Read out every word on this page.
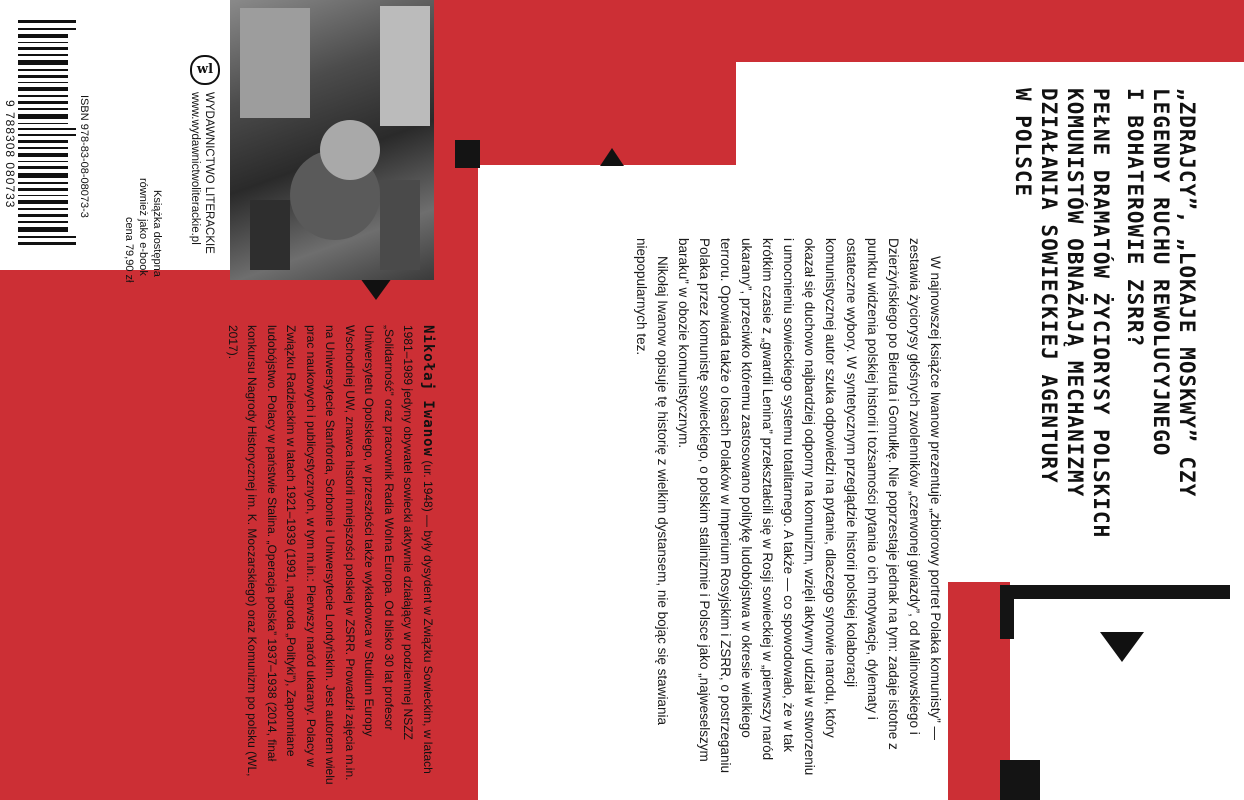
ISBN 978-83-08-08073-3
9 788308 080733
wl
WYDAWNICTWO LITERACKIE
www.wydawnictwoliterackie.pl
Książka dostępna
również jako e-book
cena 79,90 zł	„ZDRAJCY”, „LOKAJE MOSKWY” CZY
LEGENDY RUCHU REWOLUCYJNEGO
I BOHATEROWIE ZSRR?
PEŁNE DRAMATÓW ŻYCIORYSY POLSKICH
KOMUNISTÓW OBNAŻAJĄ MECHANIZMY
DZIAŁANIA SOWIECKIEJ AGENTURY
W POLSCE

W najnowszej książce Iwanow prezentuje „zbiorowy portret Polaka komunisty” — zestawia życiorysy głośnych zwolenników „czerwonej gwiazdy”, od Malinowskiego i Dzierżyńskiego po Bieruta i Gomułkę. Nie poprzestaje jednak na tym: zadaje istotne z punktu widzenia polskiej historii i tożsamości pytania o ich motywacje, dylematy i ostateczne wybory. W syntetycznym przeglądzie historii polskiej kolaboracji komunistycznej autor szuka odpowiedzi na pytanie, dlaczego synowie narodu, który okazał się duchowo najbardziej odporny na komunizm, wzięli aktywny udział w stworzeniu i umocnieniu sowieckiego systemu totalitarnego. A także — co spowodowało, że w tak krótkim czasie z „gwardii Lenina” przekształcili się w Rosji sowieckiej w „pierwszy naród ukarany”, przeciwko któremu zastosowano politykę ludobójstwa w okresie wielkiego terroru. Opowiada także o losach Polaków w Imperium Rosyjskim i ZSRR, o postrzeganiu Polaka przez komunistę sowieckiego, o polskim stalinizmie i Polsce jako „najweselszym baraku” w obozie komunistycznym.

Nikołaj Iwanow opisuje tę historię z wielkim dystansem, nie bojąc się stawiania niepopularnych tez.

Nikołaj Iwanow (ur. 1948) — były dysydent w Związku Sowieckim, w latach 1981–1989 jedyny obywatel sowiecki aktywnie działający w podziemnej NSZZ „Solidarność” oraz pracownik Radia Wolna Europa. Od blisko 30 lat profesor Uniwersytetu Opolskiego, w przeszłości także wykładowca w Studium Europy Wschodniej UW, znawca historii mniejszości polskiej w ZSRR. Prowadził zajęcia m.in. na Uniwersytecie Stanforda, Sorbonie i Uniwersytecie Londyńskim. Jest autorem wielu prac naukowych i publicystycznych, w tym m.in.: Pierwszy naród ukarany. Polacy w Związku Radzieckim w latach 1921–1939 (1991, nagroda „Polityki”), Zapomniane ludobójstwo. Polacy w państwie Stalina. „Operacja polska” 1937–1938 (2014, finał konkursu Nagrody Historycznej im. K. Moczarskiego) oraz Komunizm po polsku (WL, 2017).
